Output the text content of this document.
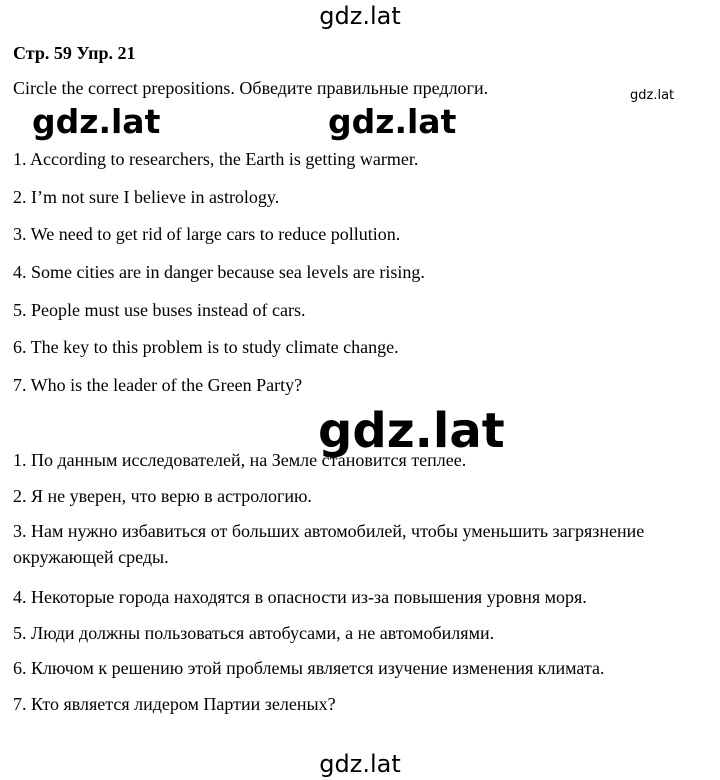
gdz.lat
Стр. 59 Упр. 21
Circle the correct prepositions. Обведите правильные предлоги.	gdz.lat
gdz.lat	gdz.lat
1. According to researchers, the Earth is getting warmer.
2. I’m not sure I believe in astrology.
3. We need to get rid of large cars to reduce pollution.
4. Some cities are in danger because sea levels are rising.
5. People must use buses instead of cars.
6. The key to this problem is to study climate change.
7. Who is the leader of the Green Party?
gdz.lat
1. По данным исследователей, на Земле становится теплее.
2. Я не уверен, что верю в астрологию.
3. Нам нужно избавиться от больших автомобилей, чтобы уменьшить загрязнение окружающей среды.
4. Некоторые города находятся в опасности из-за повышения уровня моря.
5. Люди должны пользоваться автобусами, а не автомобилями.
6. Ключом к решению этой проблемы является изучение изменения климата.
7. Кто является лидером Партии зеленых?
gdz.lat
